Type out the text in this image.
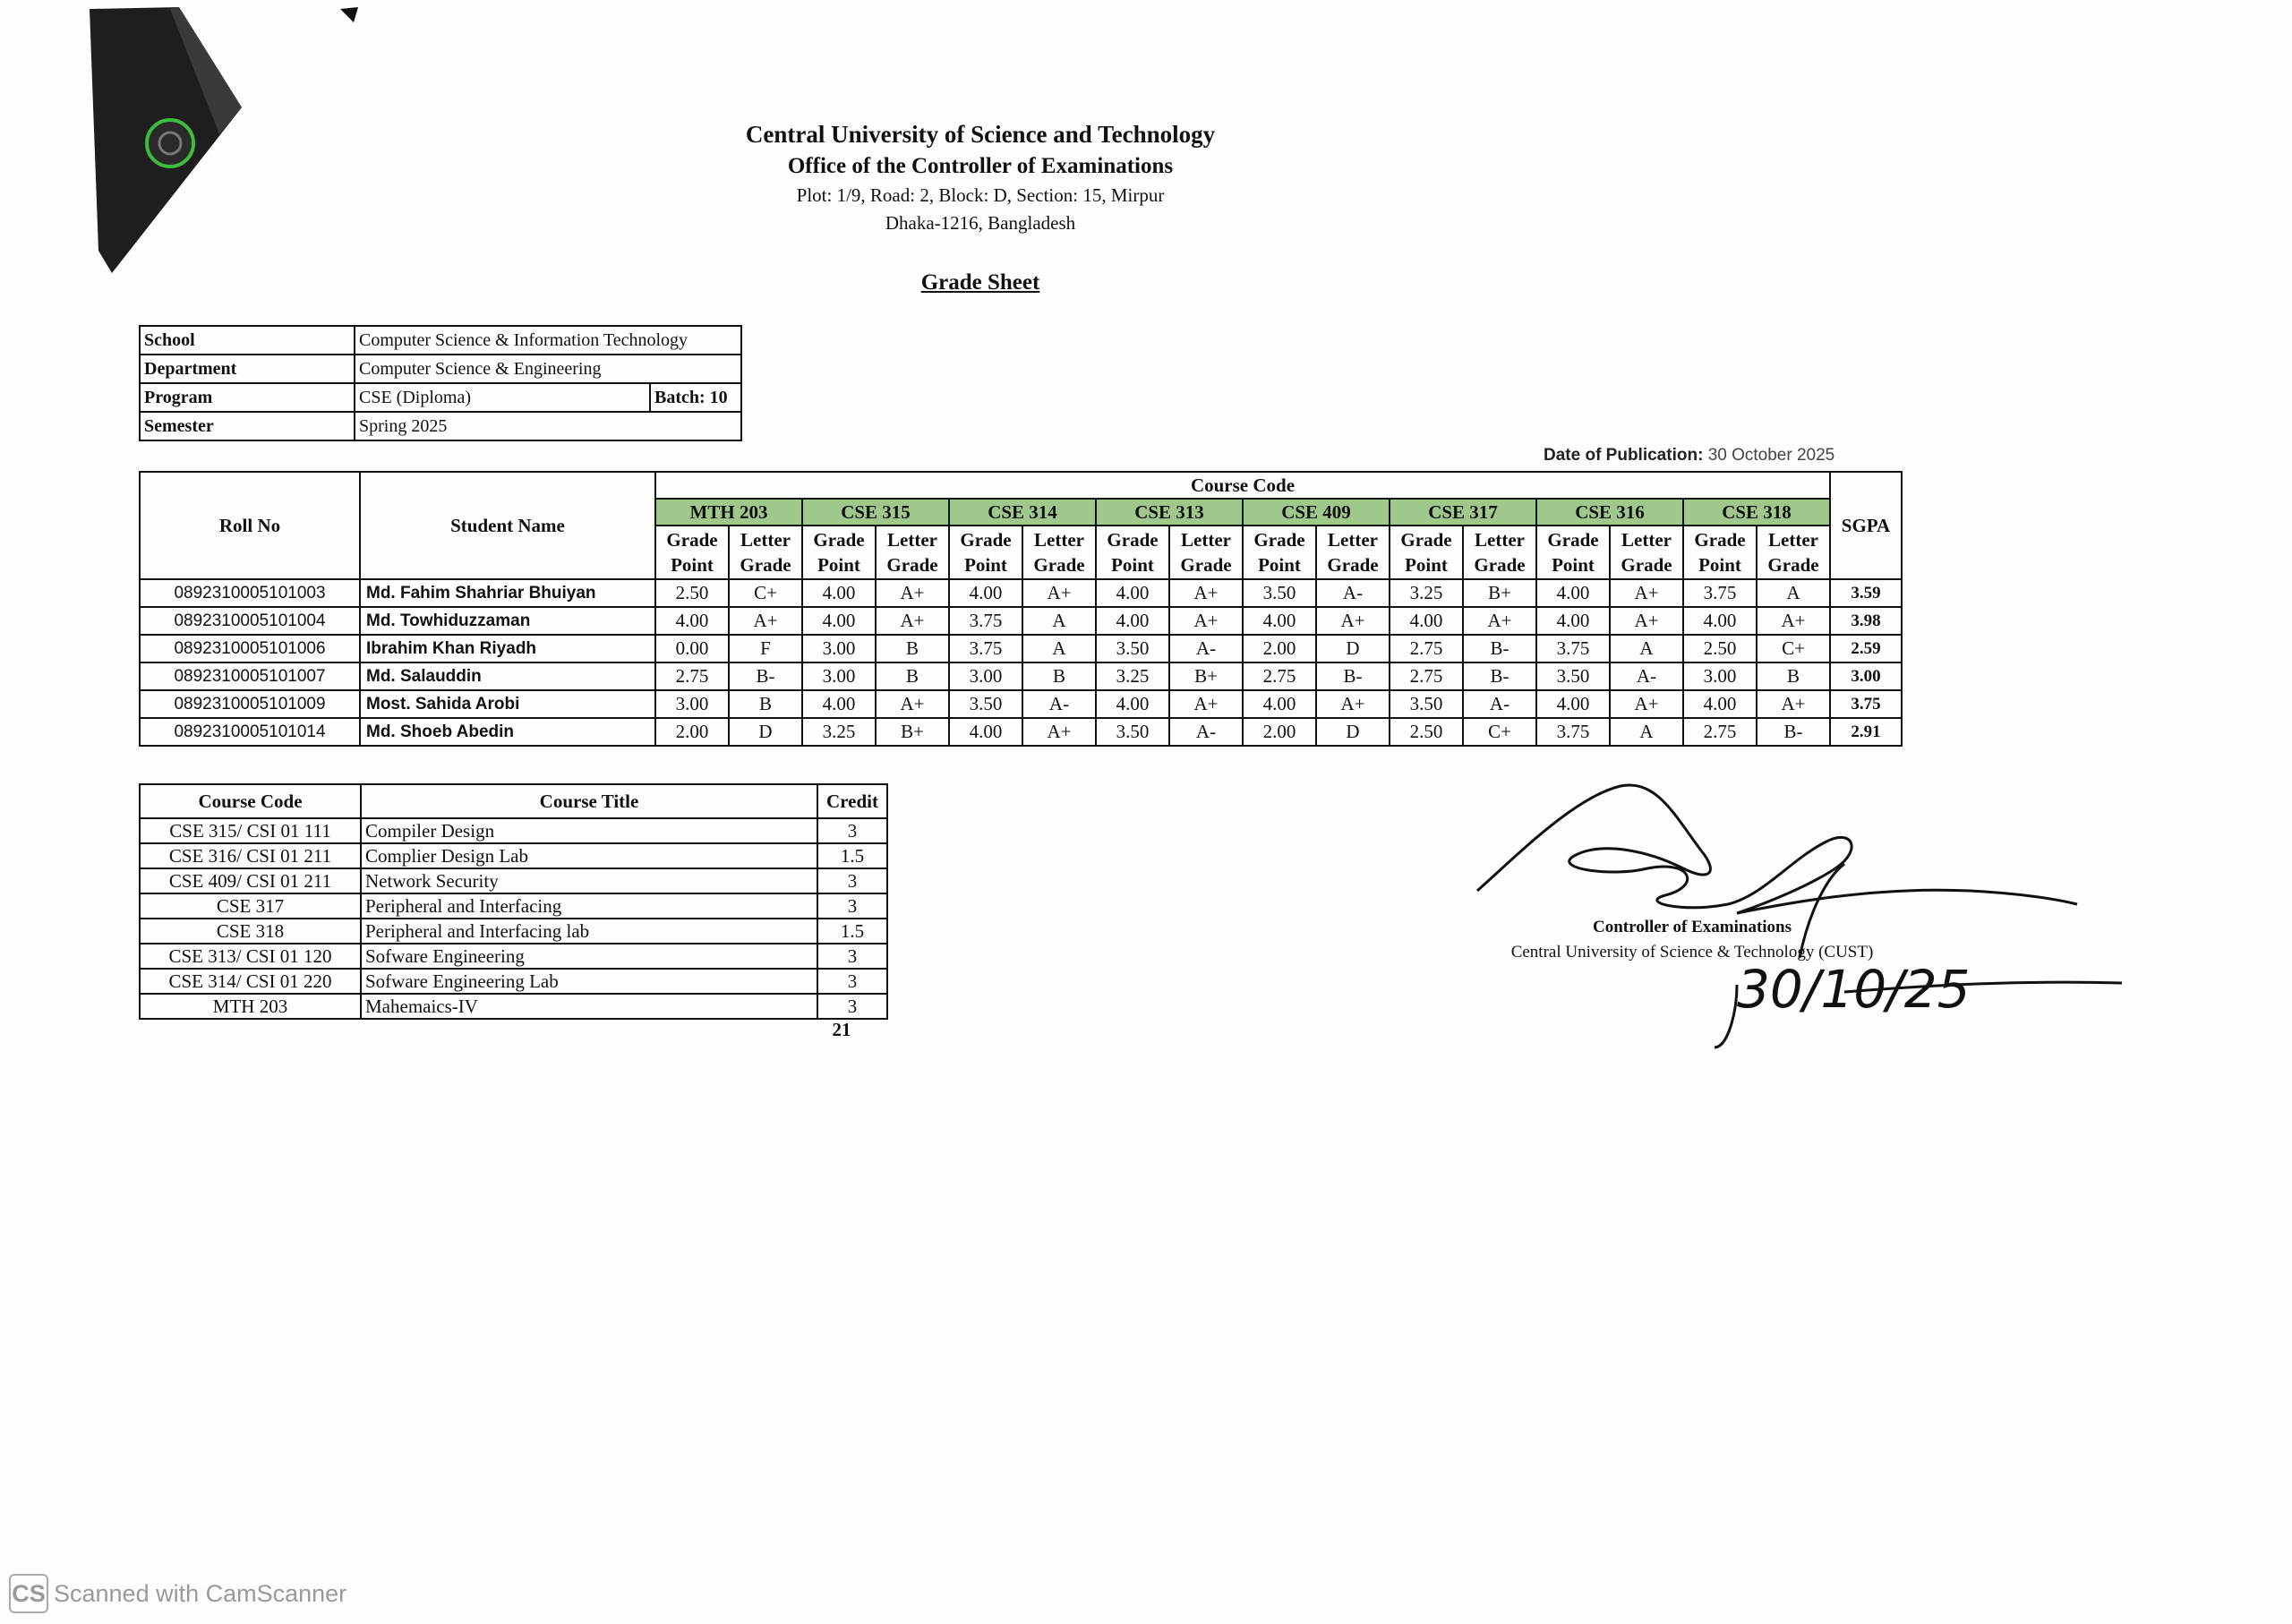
Central University of Science and Technology
Office of the Controller of Examinations
Plot: 1/9, Road: 2, Block: D, Section: 15, Mirpur
Dhaka-1216, Bangladesh
Grade Sheet
School	Computer Science & Information Technology	
Department	Computer Science & Engineering	
Program	CSE (Diploma)	Batch: 10
Semester	Spring 2025	
Date of Publication: 30 October 2025
Roll No	Student Name	Course Code																SGPA
		MTH 203		CSE 315		CSE 314		CSE 313		CSE 409		CSE 317		CSE 316		CSE 318		
		Grade Point	Letter Grade	Grade Point	Letter Grade	Grade Point	Letter Grade	Grade Point	Letter Grade	Grade Point	Letter Grade	Grade Point	Letter Grade	Grade Point	Letter Grade	Grade Point	Letter Grade	
0892310005101003	Md. Fahim Shahriar Bhuiyan	2.50	C+	4.00	A+	4.00	A+	4.00	A+	3.50	A-	3.25	B+	4.00	A+	3.75	A	3.59
0892310005101004	Md. Towhiduzzaman	4.00	A+	4.00	A+	3.75	A	4.00	A+	4.00	A+	4.00	A+	4.00	A+	4.00	A+	3.98
0892310005101006	Ibrahim Khan Riyadh	0.00	F	3.00	B	3.75	A	3.50	A-	2.00	D	2.75	B-	3.75	A	2.50	C+	2.59
0892310005101007	Md. Salauddin	2.75	B-	3.00	B	3.00	B	3.25	B+	2.75	B-	2.75	B-	3.50	A-	3.00	B	3.00
0892310005101009	Most. Sahida Arobi	3.00	B	4.00	A+	3.50	A-	4.00	A+	4.00	A+	3.50	A-	4.00	A+	4.00	A+	3.75
0892310005101014	Md. Shoeb Abedin	2.00	D	3.25	B+	4.00	A+	3.50	A-	2.00	D	2.50	C+	3.75	A	2.75	B-	2.91
Course Code	Course Title	Credit
CSE 315/ CSI 01 111	Compiler Design	3
CSE 316/ CSI 01 211	Complier Design Lab	1.5
CSE 409/ CSI 01 211	Network Security	3
CSE 317	Peripheral and Interfacing	3
CSE 318	Peripheral and Interfacing lab	1.5
CSE 313/ CSI 01 120	Sofware Engineering	3
CSE 314/ CSI 01 220	Sofware Engineering Lab	3
MTH 203	Mahemaics-IV	3
21
30/10/25
Controller of Examinations
Central University of Science & Technology (CUST)
CS Scanned with CamScanner
